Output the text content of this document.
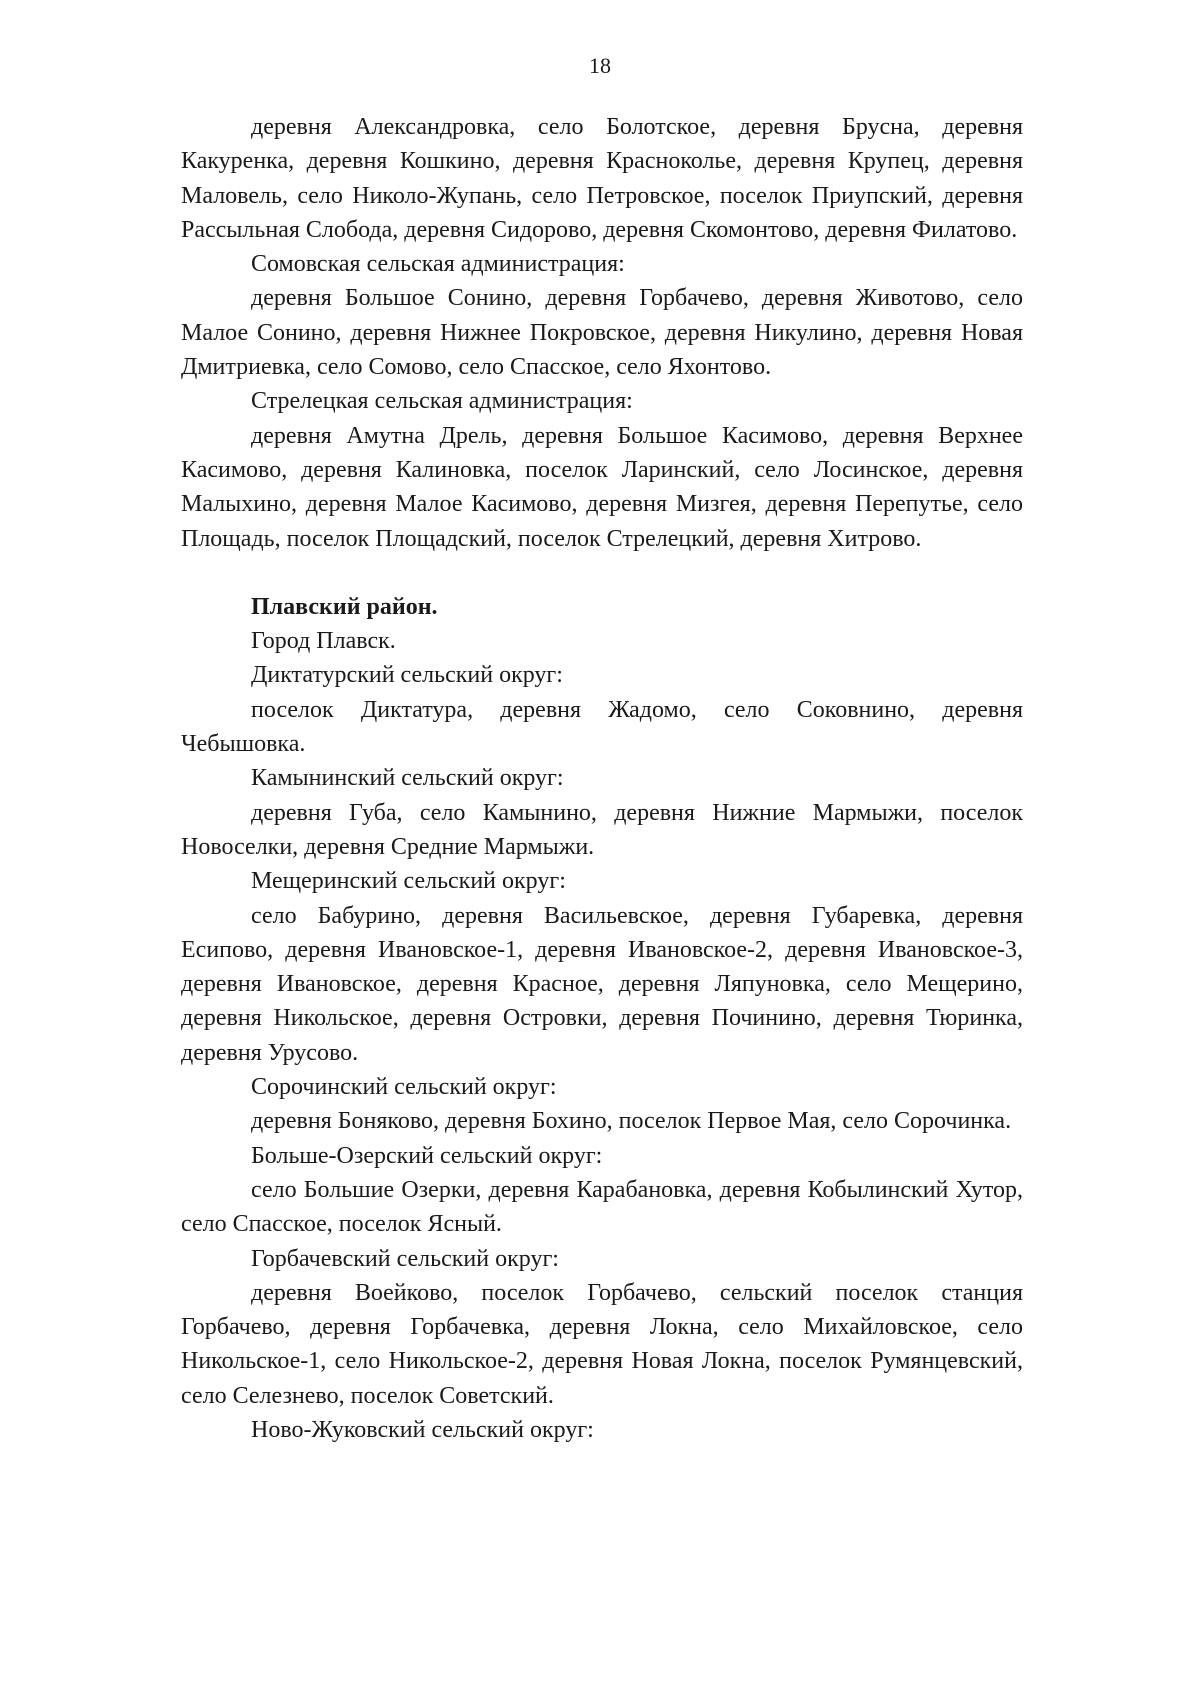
18

деревня Александровка, село Болотское, деревня Брусна, деревня Какуренка, деревня Кошкино, деревня Красноколье, деревня Крупец, деревня Маловель, село Николо-Жупань, село Петровское, поселок Приупский, деревня Рассыльная Слобода, деревня Сидорово, деревня Скомонтово, деревня Филатово.

Сомовская сельская администрация:

деревня Большое Сонино, деревня Горбачево, деревня Животово, село Малое Сонино, деревня Нижнее Покровское, деревня Никулино, деревня Новая Дмитриевка, село Сомово, село Спасское, село Яхонтово.

Стрелецкая сельская администрация:

деревня Амутна Дрель, деревня Большое Касимово, деревня Верхнее Касимово, деревня Калиновка, поселок Ларинский, село Лосинское, деревня Малыхино, деревня Малое Касимово, деревня Мизгея, деревня Перепутье, село Площадь, поселок Площадский, поселок Стрелецкий, деревня Хитрово.

Плавский район.

Город Плавск.

Диктатурский сельский округ:

поселок Диктатура, деревня Жадомо, село Соковнино, деревня Чебышовка.

Камынинский сельский округ:

деревня Губа, село Камынино, деревня Нижние Мармыжи, поселок Новоселки, деревня Средние Мармыжи.

Мещеринский сельский округ:

село Бабурино, деревня Васильевское, деревня Губаревка, деревня Есипово, деревня Ивановское-1, деревня Ивановское-2, деревня Ивановское-3, деревня Ивановское, деревня Красное, деревня Ляпуновка, село Мещерино, деревня Никольское, деревня Островки, деревня Починино, деревня Тюринка, деревня Урусово.

Сорочинский сельский округ:

деревня Боняково, деревня Бохино, поселок Первое Мая, село Сорочинка.

Больше-Озерский сельский округ:

село Большие Озерки, деревня Карабановка, деревня Кобылинский Хутор, село Спасское, поселок Ясный.

Горбачевский сельский округ:

деревня Воейково, поселок Горбачево, сельский поселок станция Горбачево, деревня Горбачевка, деревня Локна, село Михайловское, село Никольское-1, село Никольское-2, деревня Новая Локна, поселок Румянцевский, село Селезнево, поселок Советский.

Ново-Жуковский сельский округ:
